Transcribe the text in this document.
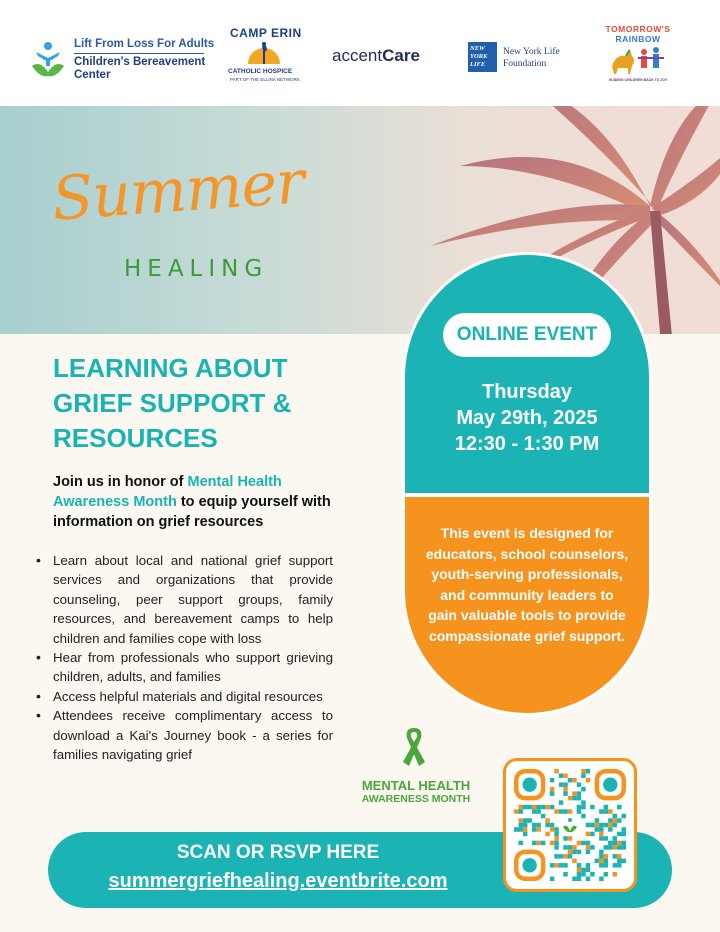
Lift From Loss For Adults
Children's Bereavement Center
CAMP ERIN
CATHOLIC HOSPICE
PART OF THE ELLINA NETWORK
accentCare	NEW YORK LIFE
New York Life
Foundation
TOMORROW'S
RAINBOW
GUIDING CHILDREN BACK TO JOY
Summer
HEALING
LEARNING ABOUT GRIEF SUPPORT & RESOURCES
Join us in honor of Mental Health Awareness Month to equip yourself with information on grief resources
• Learn about local and national grief support services and organizations that provide counseling, peer support groups, family resources, and bereavement camps to help children and families cope with loss
• Hear from professionals who support grieving children, adults, and families
• Access helpful materials and digital resources
• Attendees receive complimentary access to download a Kai's Journey book - a series for families navigating grief
ONLINE EVENT
Thursday
May 29th, 2025
12:30 - 1:30 PM
This event is designed for educators, school counselors, youth-serving professionals, and community leaders to gain valuable tools to provide compassionate grief support.
MENTAL HEALTH
AWARENESS MONTH
SCAN OR RSVP HERE
summergriefhealing.eventbrite.com
